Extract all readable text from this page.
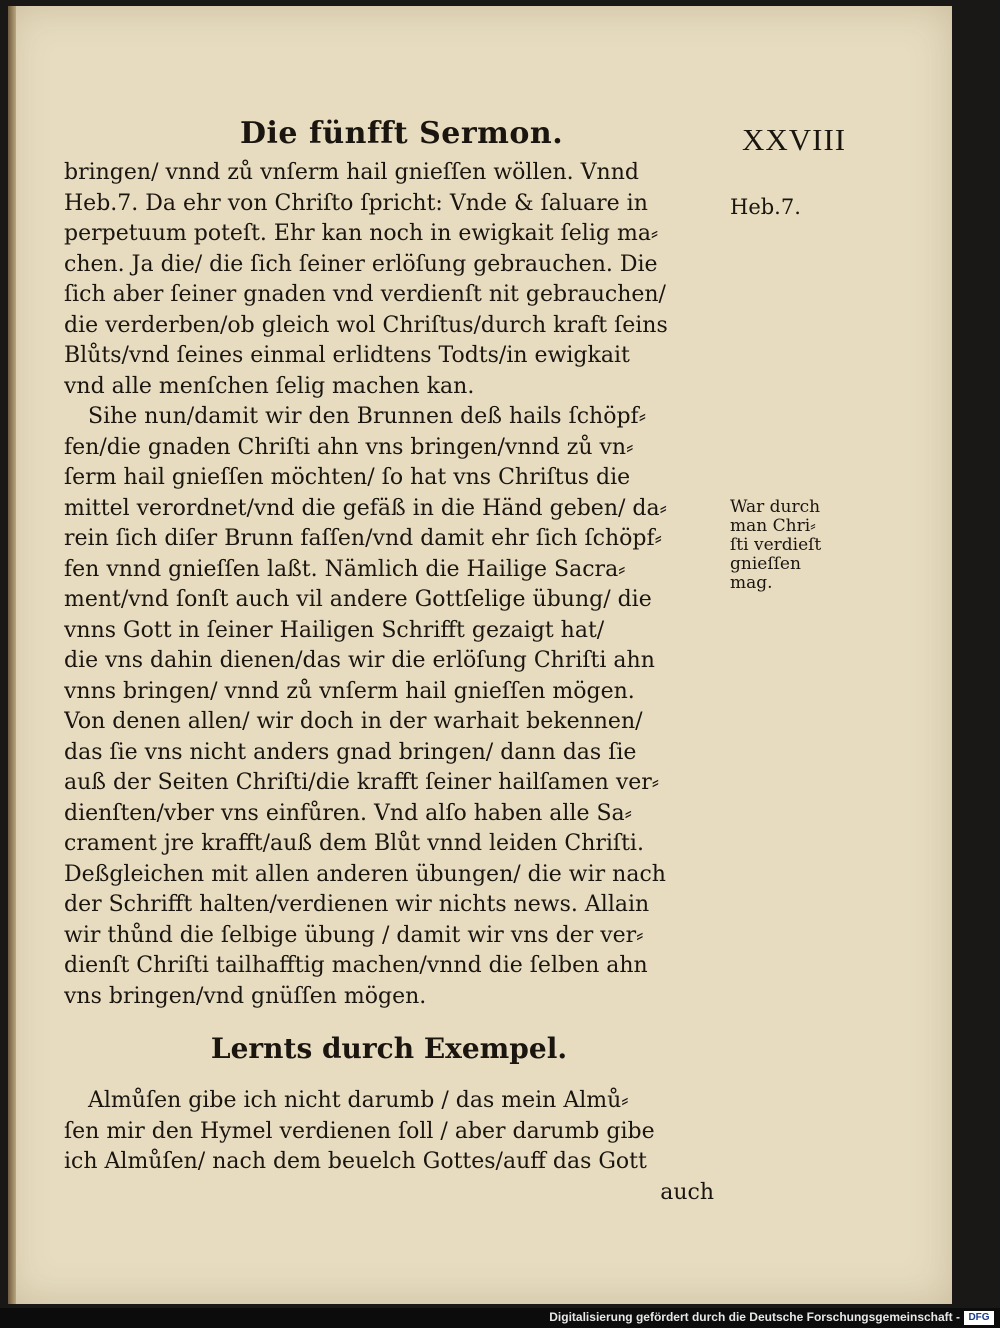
Die fünfft Sermon.	XXVIII
Heb.7.
War durch
man Chri⸗
ſti verdieſt
gnieſſen
mag.
bringen/ vnnd zů vnſerm hail gnieſſen wöllen. Vnnd
Heb.7. Da ehr von Chriſto ſpricht: Vnde & ſaluare in
perpetuum poteſt. Ehr kan noch in ewigkait ſelig ma⸗
chen. Ja die/ die ſich ſeiner erlöſung gebrauchen. Die
ſich aber ſeiner gnaden vnd verdienſt nit gebrauchen/
die verderben/ob gleich wol Chriſtus/durch kraft ſeins
Blůts/vnd ſeines einmal erlidtens Todts/in ewigkait
vnd alle menſchen ſelig machen kan.
Sihe nun/damit wir den Brunnen deß hails ſchöpf⸗
fen/die gnaden Chriſti ahn vns bringen/vnnd zů vn⸗
ſerm hail gnieſſen möchten/ ſo hat vns Chriſtus die
mittel verordnet/vnd die gefäß in die Händ geben/ da⸗
rein ſich diſer Brunn faſſen/vnd damit ehr ſich ſchöpf⸗
fen vnnd gnieſſen laßt. Nämlich die Hailige Sacra⸗
ment/vnd ſonſt auch vil andere Gottſelige übung/ die
vnns Gott in ſeiner Hailigen Schrifft gezaigt hat/
die vns dahin dienen/das wir die erlöſung Chriſti ahn
vnns bringen/ vnnd zů vnſerm hail gnieſſen mögen.
Von denen allen/ wir doch in der warhait bekennen/
das ſie vns nicht anders gnad bringen/ dann das ſie
auß der Seiten Chriſti/die krafft ſeiner hailſamen ver⸗
dienſten/vber vns einfůren. Vnd alſo haben alle Sa⸗
crament jre krafft/auß dem Blůt vnnd leiden Chriſti.
Deßgleichen mit allen anderen übungen/ die wir nach
der Schrifft halten/verdienen wir nichts news. Allain
wir thůnd die ſelbige übung / damit wir vns der ver⸗
dienſt Chriſti tailhafftig machen/vnnd die ſelben ahn
vns bringen/vnd gnüſſen mögen.
Lernts durch Exempel.
Almůſen gibe ich nicht darumb / das mein Almů⸗
ſen mir den Hymel verdienen ſoll / aber darumb gibe
ich Almůſen/ nach dem beuelch Gottes/auff das Gott
auch
Digitalisierung gefördert durch die Deutsche Forschungsgemeinschaft - DFG
